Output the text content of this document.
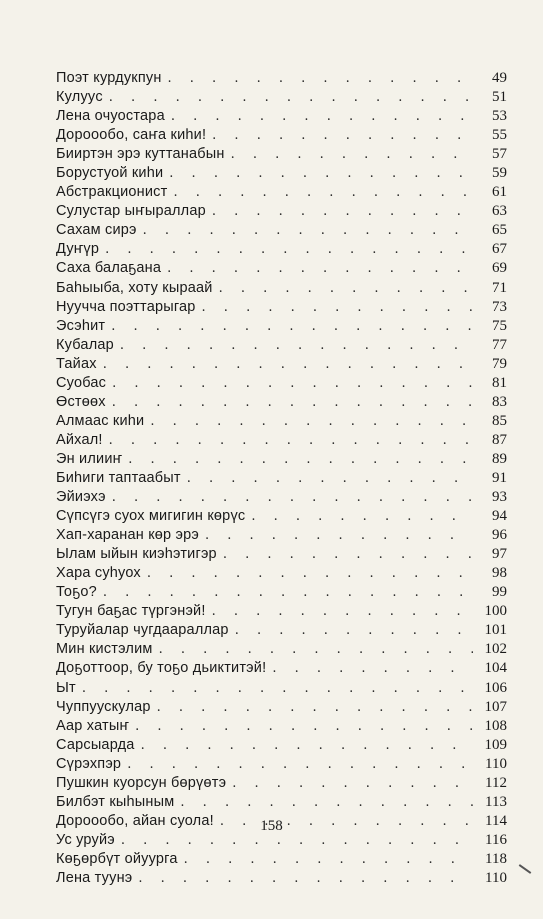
Поэт курдукпун . . .	49
Кулууc . . .	51
Лена очуостара . . .	53
Дороообо, саҥа киһи! . . .	55
Бииртэн эрэ куттанабын . . .	57
Борустуой киһи . . .	59
Абстракционист . . .	61
Сулустар ыҥыраллар . . .	63
Сахам сирэ . . .	65
Дуҥүр . . .	67
Саха балаҕана . . .	69
Баһыыба, хоту кыраай . . .	71
Нууччa поэттарыгар . . .	73
Эсэһит . . .	75
Кубалар . . .	77
Тайах . . .	79
Суобас . . .	81
Өстөөх . . .	83
Алмаас киһи . . .	85
Айхал! . . .	87
Эн илииҥ . . .	89
Биһиги таптаабыт . . .	91
Эйиэхэ . . .	93
Сүпсүгэ суох мигигин көрүс . . .	94
Хап-харанан көр эрэ . . .	96
Ылам ыйын киэһэтигэр . . .	97
Хара суһуох . . .	98
Тоҕо? . . .	99
Тугун баҕас түргэнэй! . . .	100
Туруйалар чугдаараллар . . .	101
Мин кистэлим . . .	102
Доҕоттоор, бу тоҕо дьиктитэй! . . .	104
Ыт . . .	106
Чуппуускулар . . .	107
Аар хатыҥ . . .	108
Сарсыарда . . .	109
Сүрэхпэр . . .	110
Пушкин куорсун бөрүөтэ . . .	112
Билбэт кыһыным . . .	113
Дороообо, айан суола! . . .	114
Ус уруйэ . . .	116
Көҕөрбүт ойуурга . . .	118
Лена туунэ . . .	110
158
